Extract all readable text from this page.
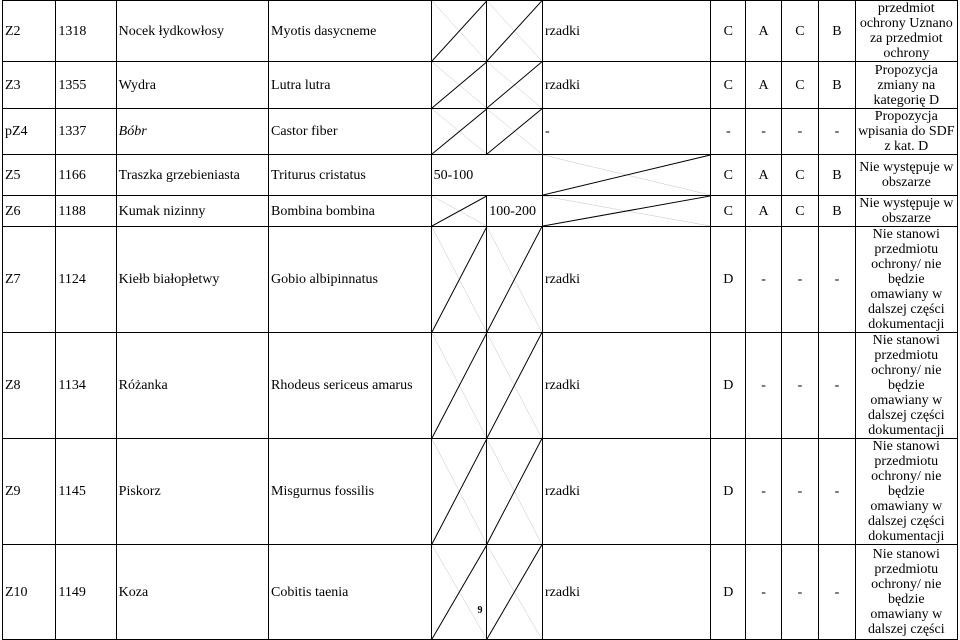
Z2	1318	Nocek łydkowłosy	Myotis dasycneme			rzadki	C	A	C	B	przedmiot ochrony Uznano za przedmiot ochrony
Z3	1355	Wydra	Lutra lutra			rzadki	C	A	C	B	Propozycja zmiany na kategorię D
pZ4	1337	Bóbr	Castor fiber			-	-	-	-	-	Propozycja wpisania do SDF z kat. D
Z5	1166	Traszka grzebieniasta	Triturus cristatus	50-100			C	A	C	B	Nie występuje w obszarze
Z6	1188	Kumak nizinny	Bombina bombina		100-200		C	A	C	B	Nie występuje w obszarze
Z7	1124	Kiełb białopłetwy	Gobio albipinnatus			rzadki	D	-	-	-	Nie stanowi przedmiotu ochrony/ nie będzie omawiany w dalszej części dokumentacji
Z8	1134	Różanka	Rhodeus sericeus amarus			rzadki	D	-	-	-	Nie stanowi przedmiotu ochrony/ nie będzie omawiany w dalszej części dokumentacji
Z9	1145	Piskorz	Misgurnus fossilis			rzadki	D	-	-	-	Nie stanowi przedmiotu ochrony/ nie będzie omawiany w dalszej części dokumentacji
Z10	1149	Koza	Cobitis taenia			rzadki	D	-	-	-	Nie stanowi przedmiotu ochrony/ nie będzie omawiany w dalszej części
9
